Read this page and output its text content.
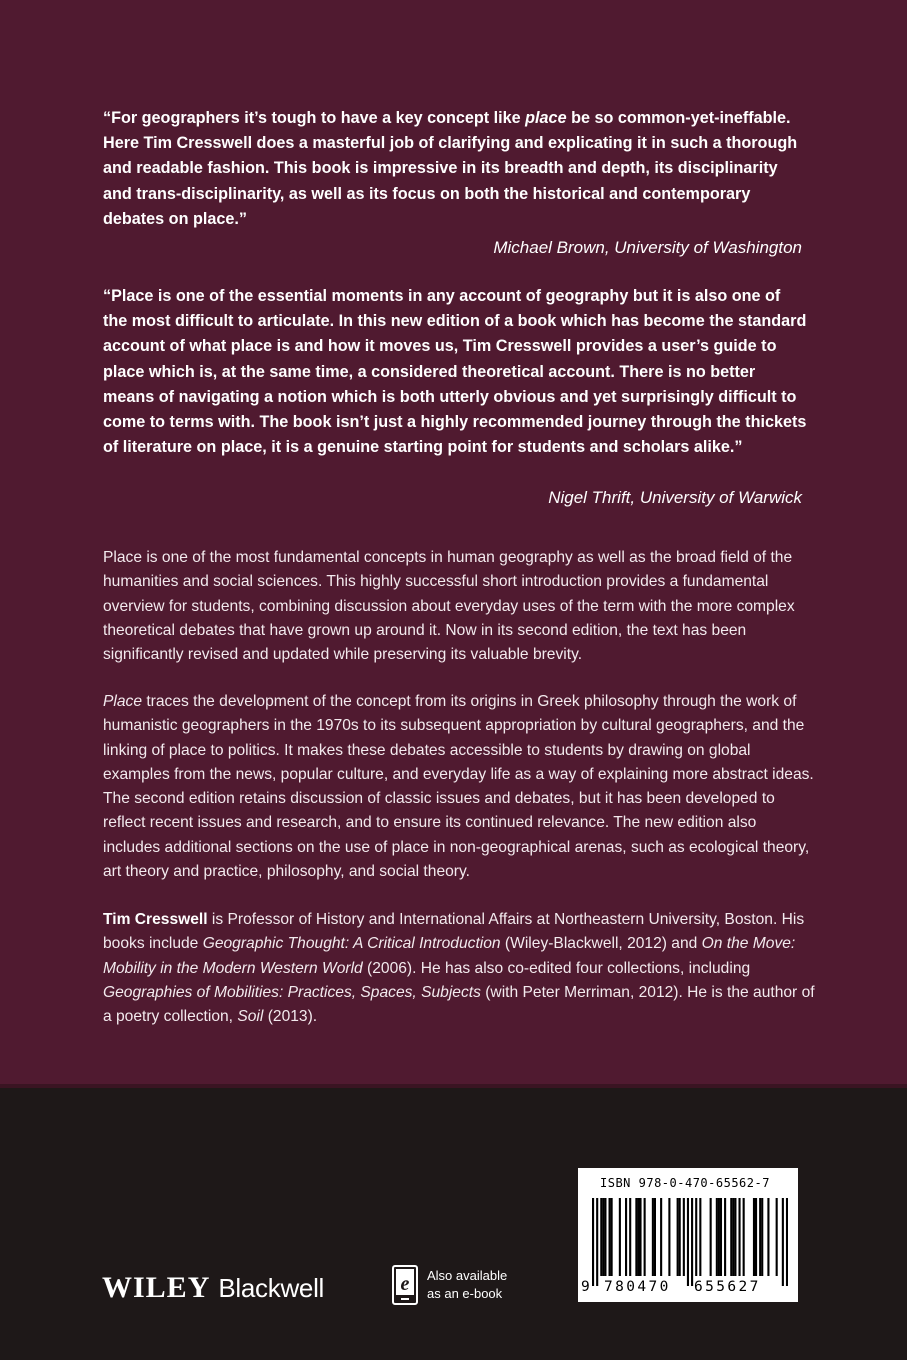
“For geographers it’s tough to have a key concept like place be so common-yet-ineffable. Here Tim Cresswell does a masterful job of clarifying and explicating it in such a thorough and readable fashion. This book is impressive in its breadth and depth, its disciplinarity and trans-disciplinarity, as well as its focus on both the historical and contemporary debates on place.”

Michael Brown, University of Washington

“Place is one of the essential moments in any account of geography but it is also one of the most difficult to articulate. In this new edition of a book which has become the standard account of what place is and how it moves us, Tim Cresswell provides a user’s guide to place which is, at the same time, a considered theoretical account. There is no better means of navigating a notion which is both utterly obvious and yet surprisingly difficult to come to terms with. The book isn’t just a highly recommended journey through the thickets of literature on place, it is a genuine starting point for students and scholars alike.”

Nigel Thrift, University of Warwick

Place is one of the most fundamental concepts in human geography as well as the broad field of the humanities and social sciences. This highly successful short introduction provides a fundamental overview for students, combining discussion about everyday uses of the term with the more complex theoretical debates that have grown up around it. Now in its second edition, the text has been significantly revised and updated while preserving its valuable brevity.

Place traces the development of the concept from its origins in Greek philosophy through the work of humanistic geographers in the 1970s to its subsequent appropriation by cultural geographers, and the linking of place to politics. It makes these debates accessible to students by drawing on global examples from the news, popular culture, and everyday life as a way of explaining more abstract ideas. The second edition retains discussion of classic issues and debates, but it has been developed to reflect recent issues and research, and to ensure its continued relevance. The new edition also includes additional sections on the use of place in non-geographical arenas, such as ecological theory, art theory and practice, philosophy, and social theory.

Tim Cresswell is Professor of History and International Affairs at Northeastern University, Boston. His books include Geographic Thought: A Critical Introduction (Wiley-Blackwell, 2012) and On the Move: Mobility in the Modern Western World (2006). He has also co-edited four collections, including Geographies of Mobilities: Practices, Spaces, Subjects (with Peter Merriman, 2012). He is the author of a poetry collection, Soil (2013).

WILEY Blackwell	e Also available
as an e-book
ISBN 978-0-470-65562-7
9 780470 655627
